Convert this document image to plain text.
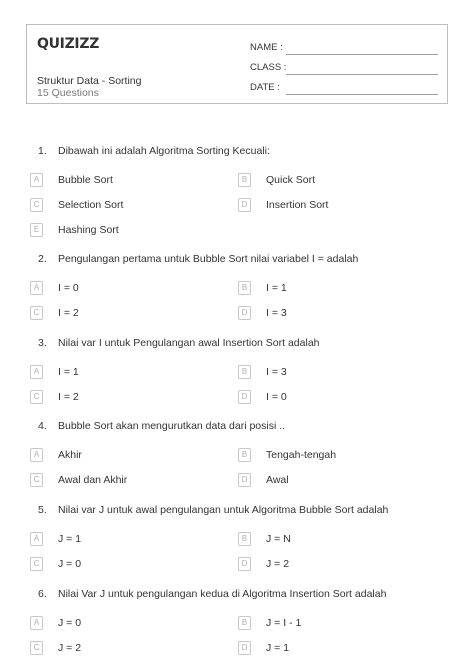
QUIZIZZ
Struktur Data - Sorting
15 Questions
NAME :
CLASS :
DATE :
1. Dibawah ini adalah Algoritma Sorting Kecuali:
A	Bubble Sort	B	Quick Sort
C	Selection Sort	D	Insertion Sort
E	Hashing Sort
2. Pengulangan pertama untuk Bubble Sort nilai variabel I = adalah
A	I = 0	B	I = 1
C	I = 2	D	I = 3
3. Nilai var I untuk Pengulangan awal Insertion Sort adalah
A	I = 1	B	I = 3
C	I = 2	D	I = 0
4. Bubble Sort akan mengurutkan data dari posisi ..
A	Akhir	B	Tengah-tengah
C	Awal dan Akhir	D	Awal
5. Nilai var J untuk awal pengulangan untuk Algoritma Bubble Sort adalah
A	J = 1	B	J = N
C	J = 0	D	J = 2
6. Nilai Var J untuk pengulangan kedua di Algoritma Insertion Sort adalah
A	J = 0	B	J = I - 1
C	J = 2	D	J = 1
